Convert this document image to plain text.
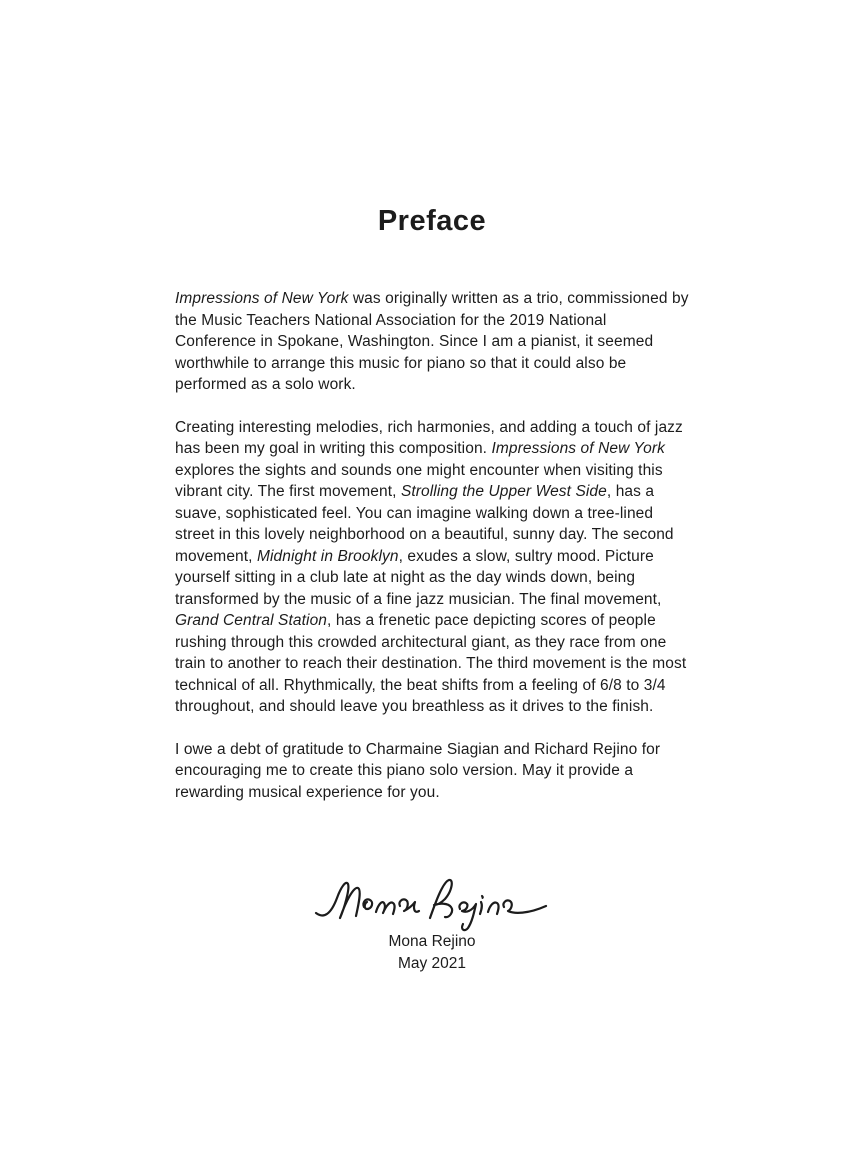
Preface

Impressions of New York was originally written as a trio, commissioned by the Music Teachers National Association for the 2019 National Conference in Spokane, Washington. Since I am a pianist, it seemed worthwhile to arrange this music for piano so that it could also be performed as a solo work.

Creating interesting melodies, rich harmonies, and adding a touch of jazz has been my goal in writing this composition. Impressions of New York explores the sights and sounds one might encounter when visiting this vibrant city. The first movement, Strolling the Upper West Side, has a suave, sophisticated feel. You can imagine walking down a tree-lined street in this lovely neighborhood on a beautiful, sunny day. The second movement, Midnight in Brooklyn, exudes a slow, sultry mood. Picture yourself sitting in a club late at night as the day winds down, being transformed by the music of a fine jazz musician. The final movement, Grand Central Station, has a frenetic pace depicting scores of people rushing through this crowded architectural giant, as they race from one train to another to reach their destination. The third movement is the most technical of all. Rhythmically, the beat shifts from a feeling of 6/8 to 3/4 throughout, and should leave you breathless as it drives to the finish.

I owe a debt of gratitude to Charmaine Siagian and Richard Rejino for encouraging me to create this piano solo version. May it provide a rewarding musical experience for you.

Mona Rejino

May 2021
